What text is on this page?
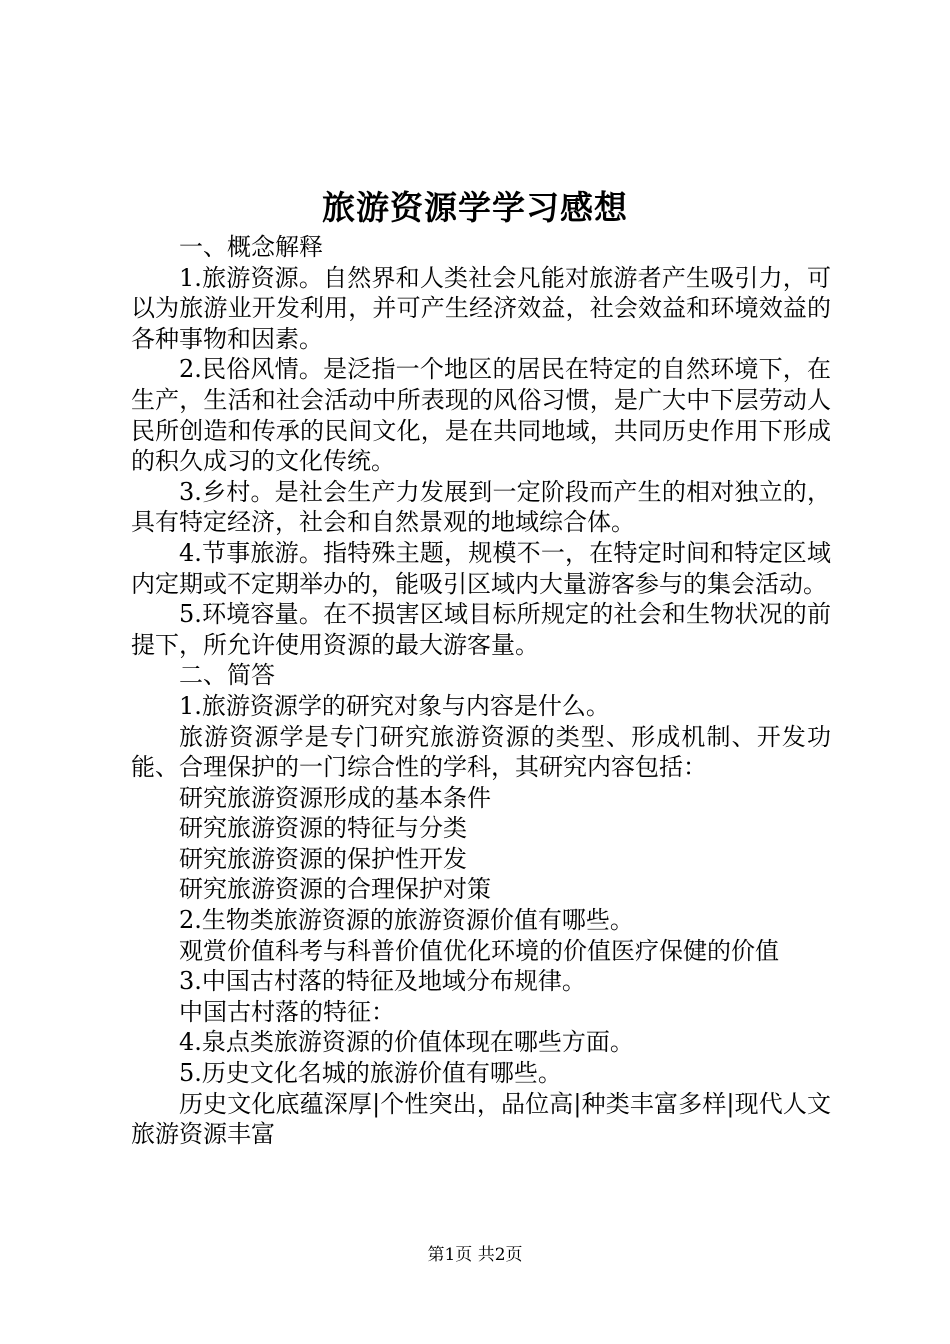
旅游资源学学习感想

一、概念解释

1.旅游资源。自然界和人类社会凡能对旅游者产生吸引力，可以为旅游业开发利用，并可产生经济效益，社会效益和环境效益的各种事物和因素。

2.民俗风情。是泛指一个地区的居民在特定的自然环境下，在生产，生活和社会活动中所表现的风俗习惯，是广大中下层劳动人民所创造和传承的民间文化，是在共同地域，共同历史作用下形成的积久成习的文化传统。

3.乡村。是社会生产力发展到一定阶段而产生的相对独立的，具有特定经济，社会和自然景观的地域综合体。

4.节事旅游。指特殊主题，规模不一，在特定时间和特定区域内定期或不定期举办的，能吸引区域内大量游客参与的集会活动。

5.环境容量。在不损害区域目标所规定的社会和生物状况的前提下，所允许使用资源的最大游客量。

二、简答

1.旅游资源学的研究对象与内容是什么。

旅游资源学是专门研究旅游资源的类型、形成机制、开发功能、合理保护的一门综合性的学科，其研究内容包括：

研究旅游资源形成的基本条件

研究旅游资源的特征与分类

研究旅游资源的保护性开发

研究旅游资源的合理保护对策

2.生物类旅游资源的旅游资源价值有哪些。

观赏价值科考与科普价值优化环境的价值医疗保健的价值

3.中国古村落的特征及地域分布规律。

中国古村落的特征：

4.泉点类旅游资源的价值体现在哪些方面。

5.历史文化名城的旅游价值有哪些。

历史文化底蕴深厚|个性突出，品位高|种类丰富多样|现代人文旅游资源丰富

第1页 共2页
